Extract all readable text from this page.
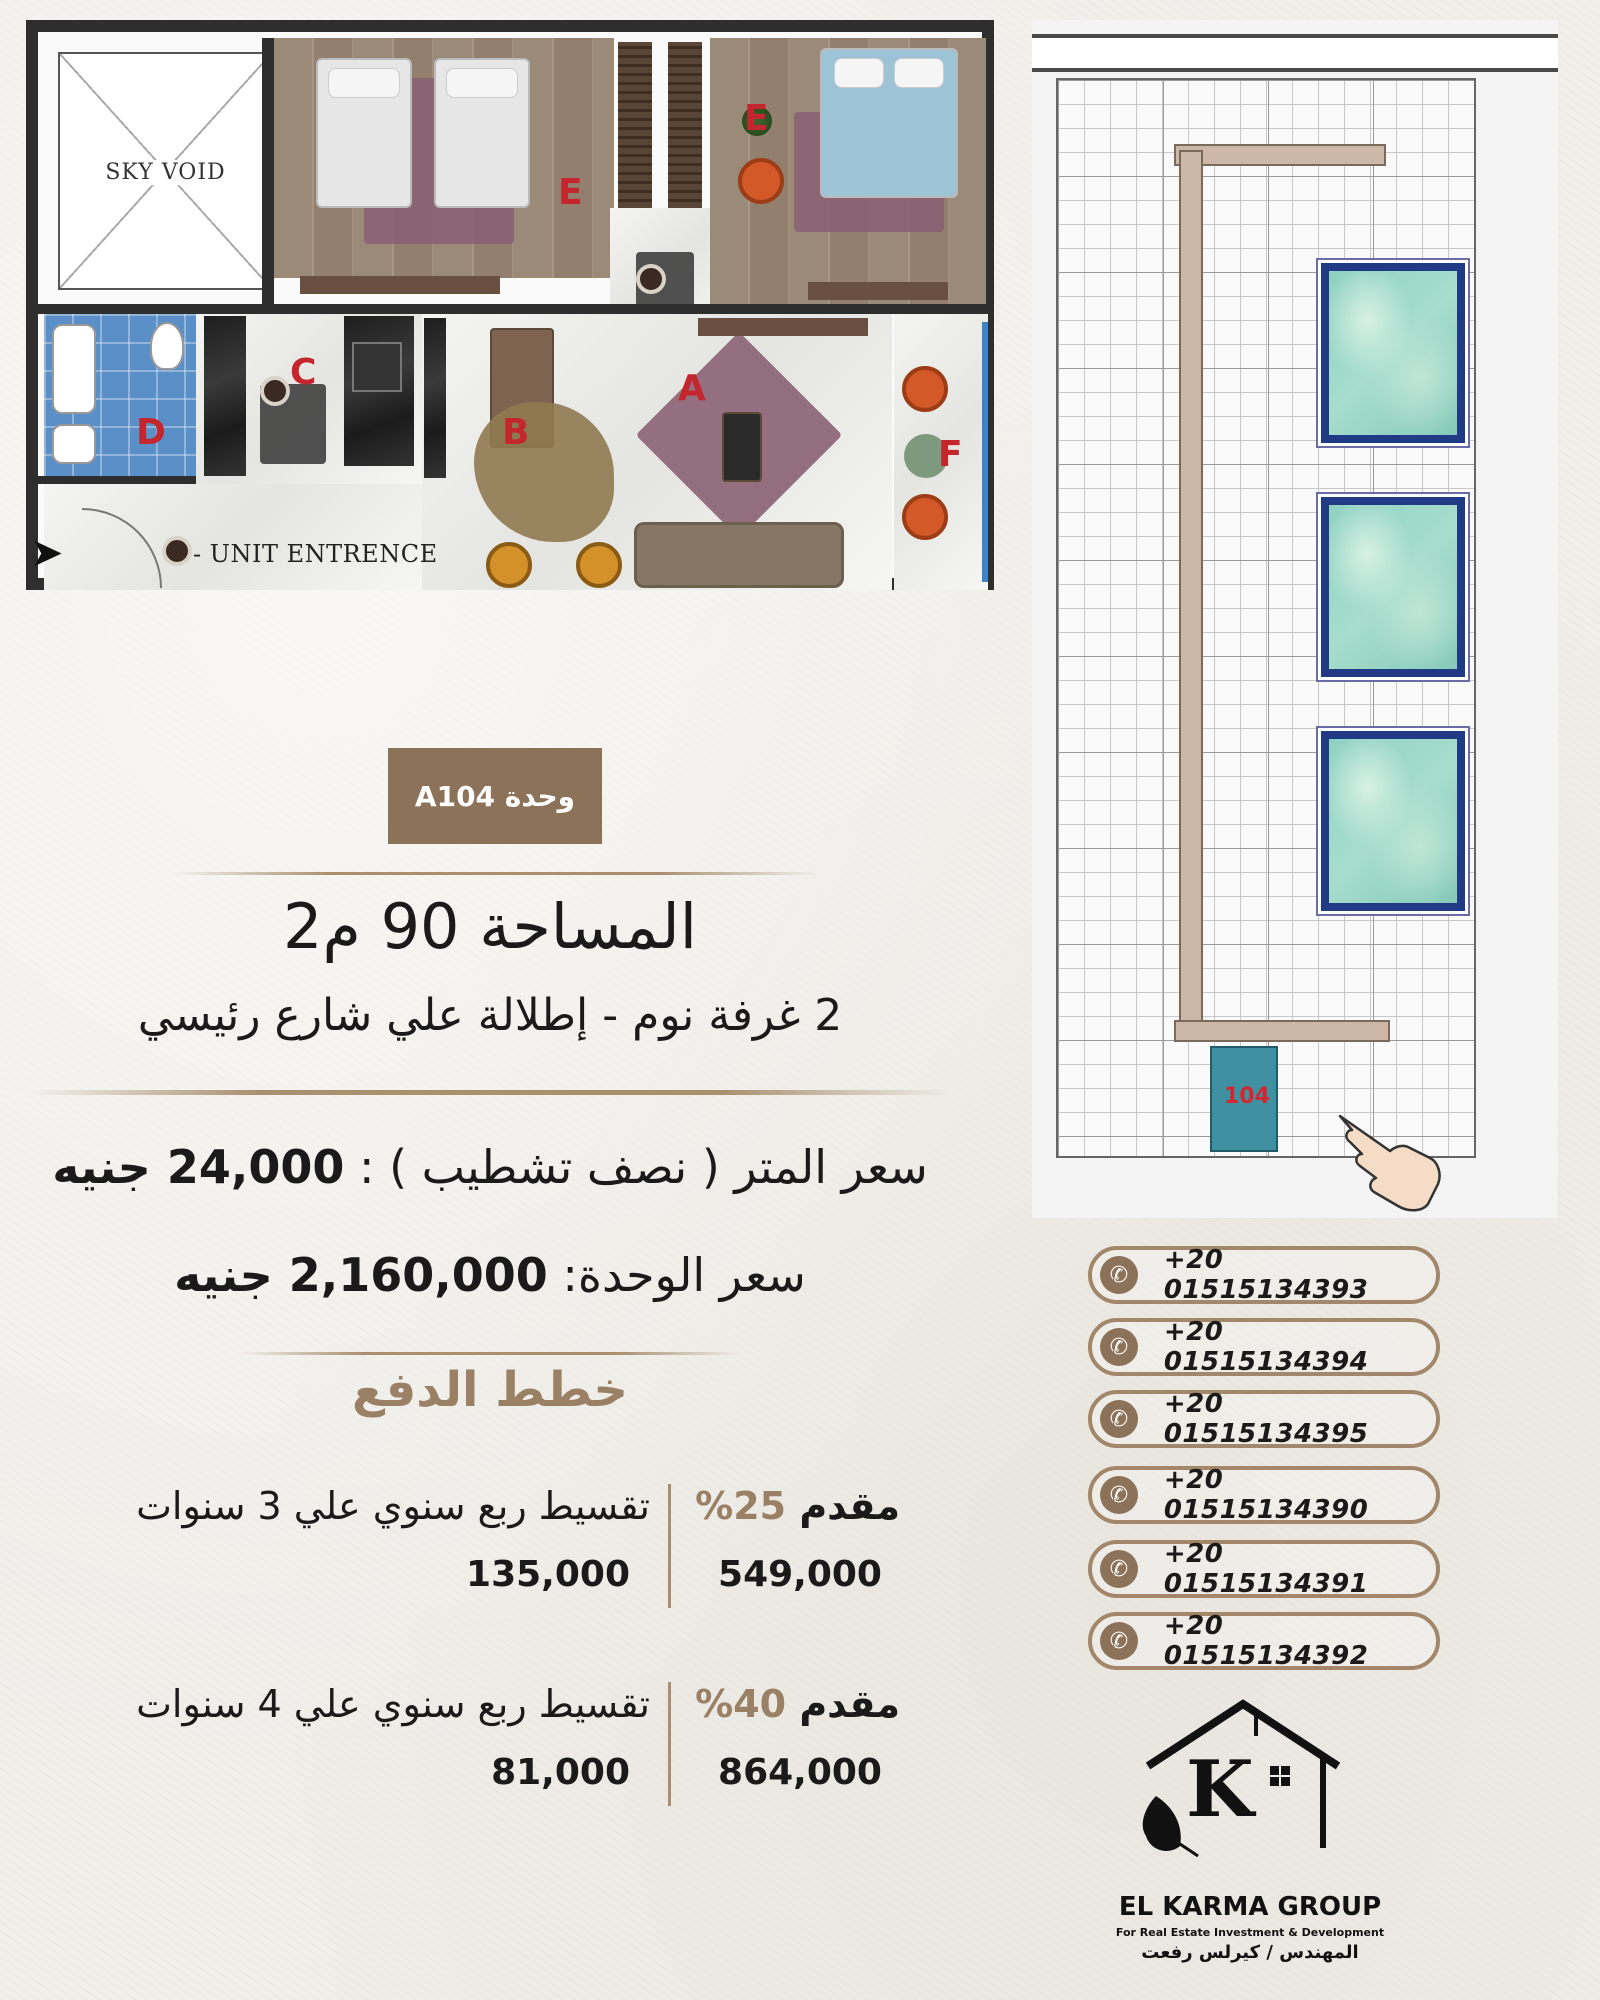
SKY VOID	E
E
D
C
B
A
F
➤	- UNIT ENTRENCE
104
وحدة A104
المساحة 90 م2
2 غرفة نوم - إطلالة علي شارع رئيسي
سعر المتر ( نصف تشطيب ) : 24,000 جنيه
سعر الوحدة: 2,160,000 جنيه
خطط الدفع
مقدم 25%
549,000
تقسيط ربع سنوي علي 3 سنوات
135,000
مقدم 40%
864,000
تقسيط ربع سنوي علي 4 سنوات
81,000
✆	+20 01515134393
✆	+20 01515134394
✆	+20 01515134395
✆	+20 01515134390
✆	+20 01515134391
✆	+20 01515134392
K
EL KARMA GROUP
For Real Estate Investment & Development
المهندس / كيرلس رفعت
